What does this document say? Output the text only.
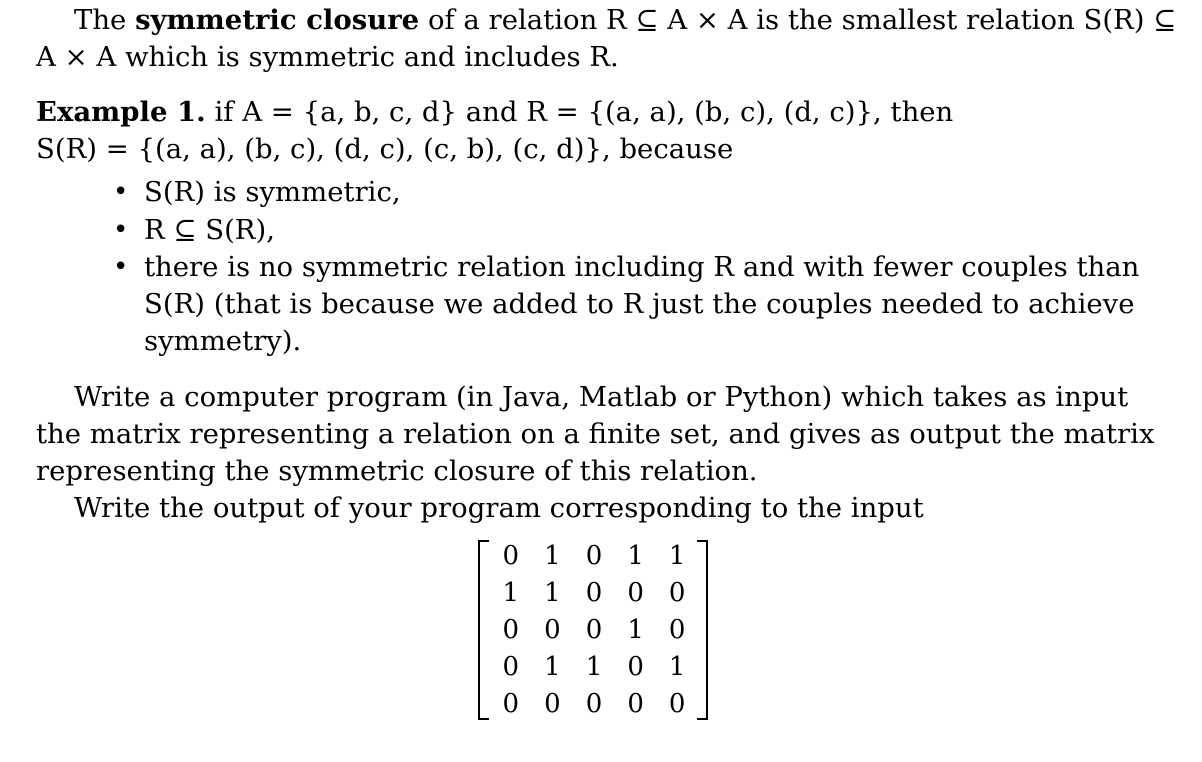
The symmetric closure of a relation R ⊆ A × A is the smallest relation S(R) ⊆
A × A which is symmetric and includes R.
Example 1. if A = {a, b, c, d} and R = {(a, a), (b, c), (d, c)}, then
S(R) = {(a, a), (b, c), (d, c), (c, b), (c, d)}, because
• S(R) is symmetric,
• R ⊆ S(R),
• there is no symmetric relation including R and with fewer couples than
S(R) (that is because we added to R just the couples needed to achieve
symmetry).
Write a computer program (in Java, Matlab or Python) which takes as input
the matrix representing a relation on a finite set, and gives as output the matrix
representing the symmetric closure of this relation.
Write the output of your program corresponding to the input
0 1 0 1 1
1 1 0 0 0
0 0 0 1 0
0 1 1 0 1
0 0 0 0 0
